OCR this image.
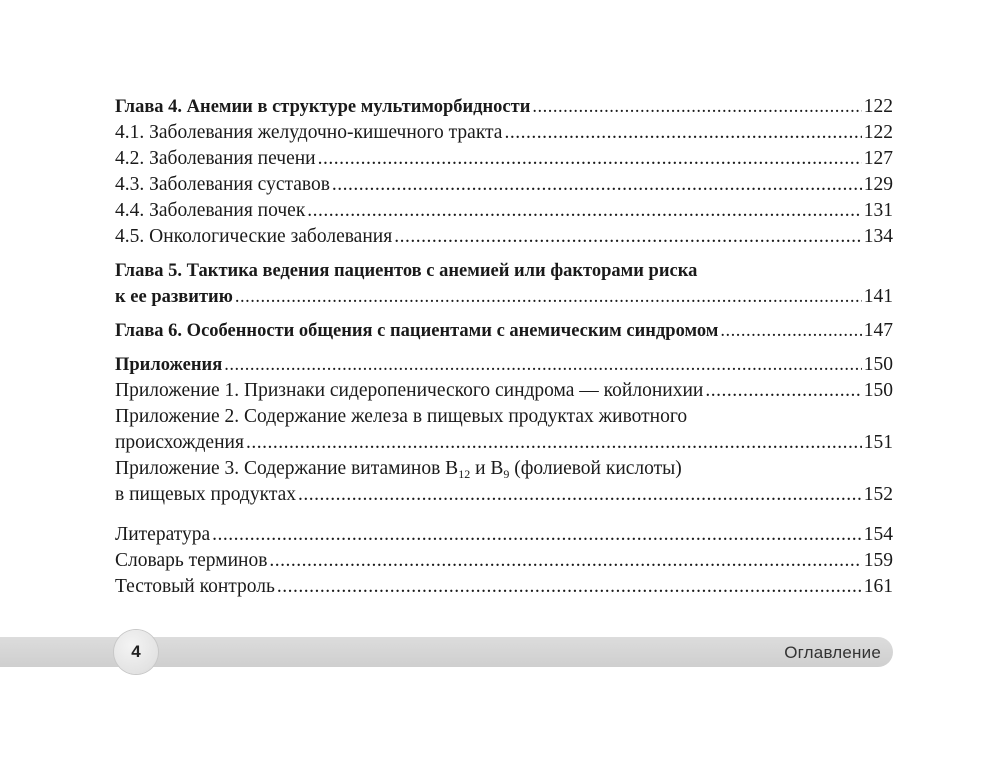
Глава 4. Анемии в структуре мультиморбидности .....	122
4.1. Заболевания желудочно-кишечного тракта .....	122
4.2. Заболевания печени .....	127
4.3. Заболевания суставов .....	129
4.4. Заболевания почек .....	131
4.5. Онкологические заболевания .....	134
Глава 5. Тактика ведения пациентов с анемией или факторами риска
к ее развитию .....	141
Глава 6. Особенности общения с пациентами с анемическим синдромом .....	147
Приложения .....	150
Приложение 1. Признаки сидеропенического синдрома — койлонихии .....	150
Приложение 2. Содержание железа в пищевых продуктах животного
происхождения .....	151
Приложение 3. Содержание витаминов $B_{12}$ и $B_9$ (фолиевой кислоты)
в пищевых продуктах .....	152
Литература .....	154
Словарь терминов .....	159
Тестовый контроль .....	161
Оглавление
4
